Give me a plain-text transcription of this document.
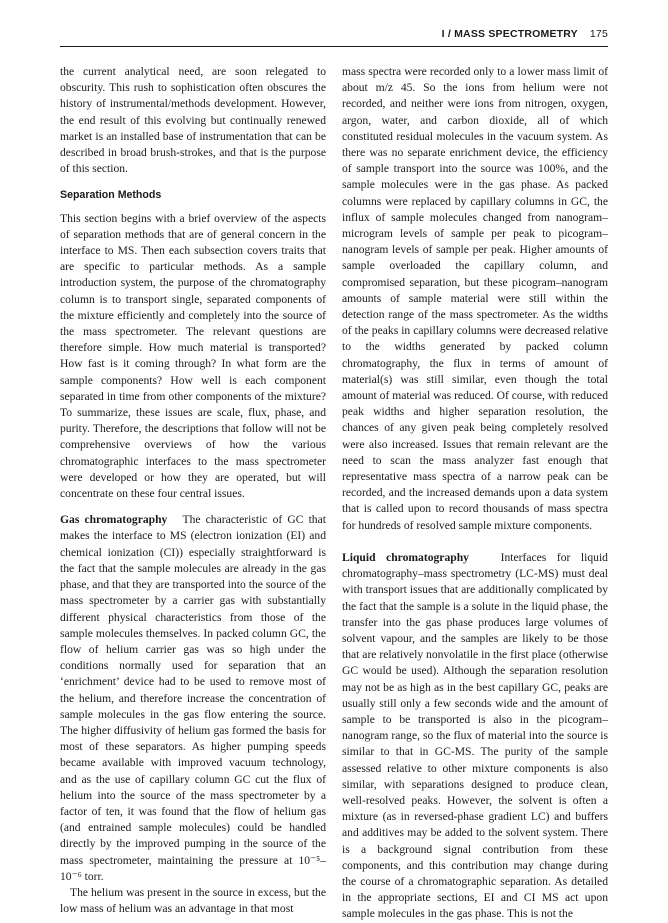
I / MASS SPECTROMETRY 175

the current analytical need, are soon relegated to obscurity. This rush to sophistication often obscures the history of instrumental/methods development. However, the end result of this evolving but continually renewed market is an installed base of instrumentation that can be described in broad brush-strokes, and that is the purpose of this section.

Separation Methods

This section begins with a brief overview of the aspects of separation methods that are of general concern in the interface to MS. Then each subsection covers traits that are specific to particular methods. As a sample introduction system, the purpose of the chromatography column is to transport single, separated components of the mixture efficiently and completely into the source of the mass spectrometer. The relevant questions are therefore simple. How much material is transported? How fast is it coming through? In what form are the sample components? How well is each component separated in time from other components of the mixture? To summarize, these issues are scale, flux, phase, and purity. Therefore, the descriptions that follow will not be comprehensive overviews of how the various chromatographic interfaces to the mass spectrometer were developed or how they are operated, but will concentrate on these four central issues.

Gas chromatography The characteristic of GC that makes the interface to MS (electron ionization (EI) and chemical ionization (CI)) especially straightforward is the fact that the sample molecules are already in the gas phase, and that they are transported into the source of the mass spectrometer by a carrier gas with substantially different physical characteristics from those of the sample molecules themselves. In packed column GC, the flow of helium carrier gas was so high under the conditions normally used for separation that an ‘enrichment’ device had to be used to remove most of the helium, and therefore increase the concentration of sample molecules in the gas flow entering the source. The higher diffusivity of helium gas formed the basis for most of these separators. As higher pumping speeds became available with improved vacuum technology, and as the use of capillary column GC cut the flux of helium into the source of the mass spectrometer by a factor of ten, it was found that the flow of helium gas (and entrained sample molecules) could be handled directly by the improved pumping in the source of the mass spectrometer, maintaining the pressure at 10⁻⁵–10⁻⁶ torr.

The helium was present in the source in excess, but the low mass of helium was an advantage in that most

mass spectra were recorded only to a lower mass limit of about m/z 45. So the ions from helium were not recorded, and neither were ions from nitrogen, oxygen, argon, water, and carbon dioxide, all of which constituted residual molecules in the vacuum system. As there was no separate enrichment device, the efficiency of sample transport into the source was 100%, and the sample molecules were in the gas phase. As packed columns were replaced by capillary columns in GC, the influx of sample molecules changed from nanogram–microgram levels of sample per peak to picogram–nanogram levels of sample per peak. Higher amounts of sample overloaded the capillary column, and compromised separation, but these picogram–nanogram amounts of sample material were still within the detection range of the mass spectrometer. As the widths of the peaks in capillary columns were decreased relative to the widths generated by packed column chromatography, the flux in terms of amount of material(s) was still similar, even though the total amount of material was reduced. Of course, with reduced peak widths and higher separation resolution, the chances of any given peak being completely resolved were also increased. Issues that remain relevant are the need to scan the mass analyzer fast enough that representative mass spectra of a narrow peak can be recorded, and the increased demands upon a data system that is called upon to record thousands of mass spectra for hundreds of resolved sample mixture components.

Liquid chromatography	Interfaces for liquid chromatography–mass spectrometry (LC-MS) must deal with transport issues that are additionally complicated by the fact that the sample is a solute in the liquid phase, the transfer into the gas phase produces large volumes of solvent vapour, and the samples are likely to be those that are relatively nonvolatile in the first place (otherwise GC would be used). Although the separation resolution may not be as high as in the best capillary GC, peaks are usually still only a few seconds wide and the amount of sample to be transported is also in the picogram–nanogram range, so the flux of material into the source is similar to that in GC-MS. The purity of the sample assessed relative to other mixture components is also similar, with separations designed to produce clean, well-resolved peaks. However, the solvent is often a mixture (as in reversed-phase gradient LC) and buffers and additives may be added to the solvent system. There is a background signal contribution from these components, and this contribution may change during the course of a chromatographic separation. As detailed in the appropriate sections, EI and CI MS act upon sample molecules in the gas phase. This is not the
